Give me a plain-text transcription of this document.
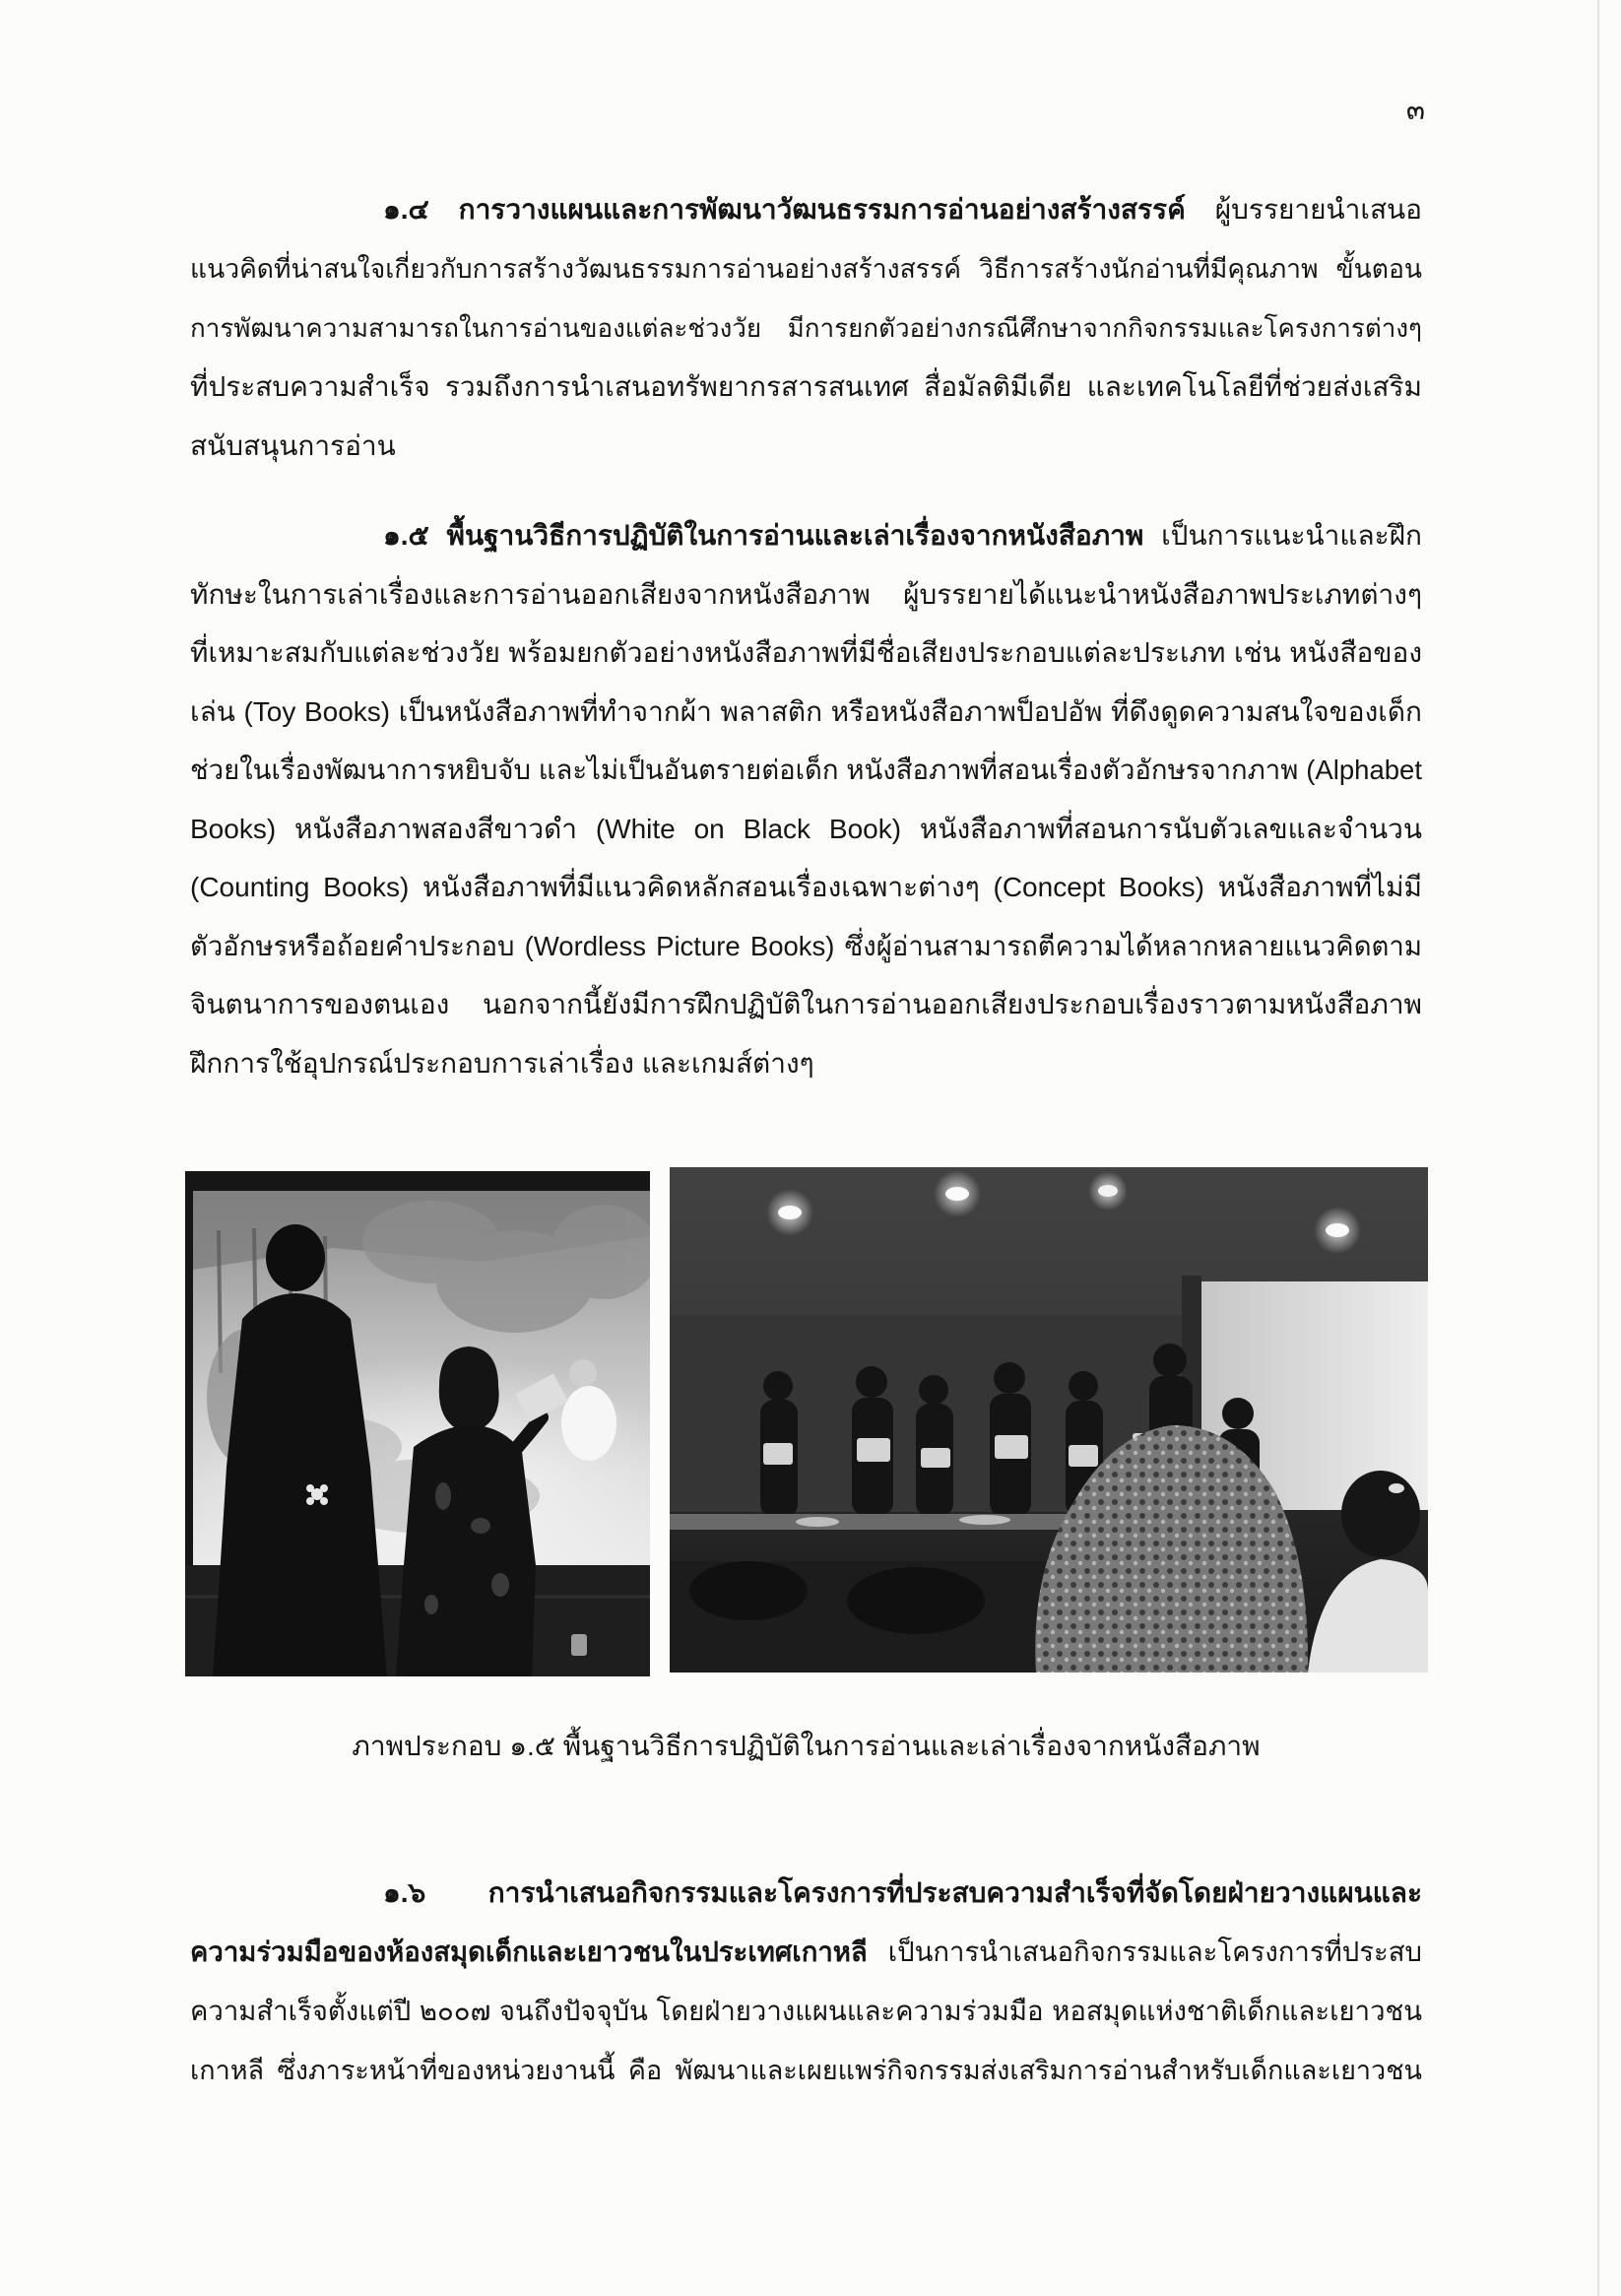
๓
๑.๔ การวางแผนและการพัฒนาวัฒนธรรมการอ่านอย่างสร้างสรรค์ ผู้บรรยายนำเสนอ
แนวคิดที่น่าสนใจเกี่ยวกับการสร้างวัฒนธรรมการอ่านอย่างสร้างสรรค์ วิธีการสร้างนักอ่านที่มีคุณภาพ ขั้นตอน
การพัฒนาความสามารถในการอ่านของแต่ละช่วงวัย มีการยกตัวอย่างกรณีศึกษาจากกิจกรรมและโครงการต่างๆ
ที่ประสบความสำเร็จ รวมถึงการนำเสนอทรัพยากรสารสนเทศ สื่อมัลติมีเดีย และเทคโนโลยีที่ช่วยส่งเสริม
สนับสนุนการอ่าน
๑.๕ พื้นฐานวิธีการปฏิบัติในการอ่านและเล่าเรื่องจากหนังสือภาพ เป็นการแนะนำและฝึก
ทักษะในการเล่าเรื่องและการอ่านออกเสียงจากหนังสือภาพ ผู้บรรยายได้แนะนำหนังสือภาพประเภทต่างๆ
ที่เหมาะสมกับแต่ละช่วงวัย พร้อมยกตัวอย่างหนังสือภาพที่มีชื่อเสียงประกอบแต่ละประเภท เช่น หนังสือของ
เล่น (Toy Books) เป็นหนังสือภาพที่ทำจากผ้า พลาสติก หรือหนังสือภาพป็อปอัพ ที่ดึงดูดความสนใจของเด็ก
ช่วยในเรื่องพัฒนาการหยิบจับ และไม่เป็นอันตรายต่อเด็ก หนังสือภาพที่สอนเรื่องตัวอักษรจากภาพ (Alphabet
Books) หนังสือภาพสองสีขาวดำ (White on Black Book) หนังสือภาพที่สอนการนับตัวเลขและจำนวน
(Counting Books) หนังสือภาพที่มีแนวคิดหลักสอนเรื่องเฉพาะต่างๆ (Concept Books) หนังสือภาพที่ไม่มี
ตัวอักษรหรือถ้อยคำประกอบ (Wordless Picture Books) ซึ่งผู้อ่านสามารถตีความได้หลากหลายแนวคิดตาม
จินตนาการของตนเอง นอกจากนี้ยังมีการฝึกปฏิบัติในการอ่านออกเสียงประกอบเรื่องราวตามหนังสือภาพ
ฝึกการใช้อุปกรณ์ประกอบการเล่าเรื่อง และเกมส์ต่างๆ
ภาพประกอบ ๑.๕ พื้นฐานวิธีการปฏิบัติในการอ่านและเล่าเรื่องจากหนังสือภาพ
๑.๖ การนำเสนอกิจกรรมและโครงการที่ประสบความสำเร็จที่จัดโดยฝ่ายวางแผนและ
ความร่วมมือของห้องสมุดเด็กและเยาวชนในประเทศเกาหลี เป็นการนำเสนอกิจกรรมและโครงการที่ประสบ
ความสำเร็จตั้งแต่ปี ๒๐๐๗ จนถึงปัจจุบัน โดยฝ่ายวางแผนและความร่วมมือ หอสมุดแห่งชาติเด็กและเยาวชน
เกาหลี ซึ่งภาระหน้าที่ของหน่วยงานนี้ คือ พัฒนาและเผยแพร่กิจกรรมส่งเสริมการอ่านสำหรับเด็กและเยาวชน
